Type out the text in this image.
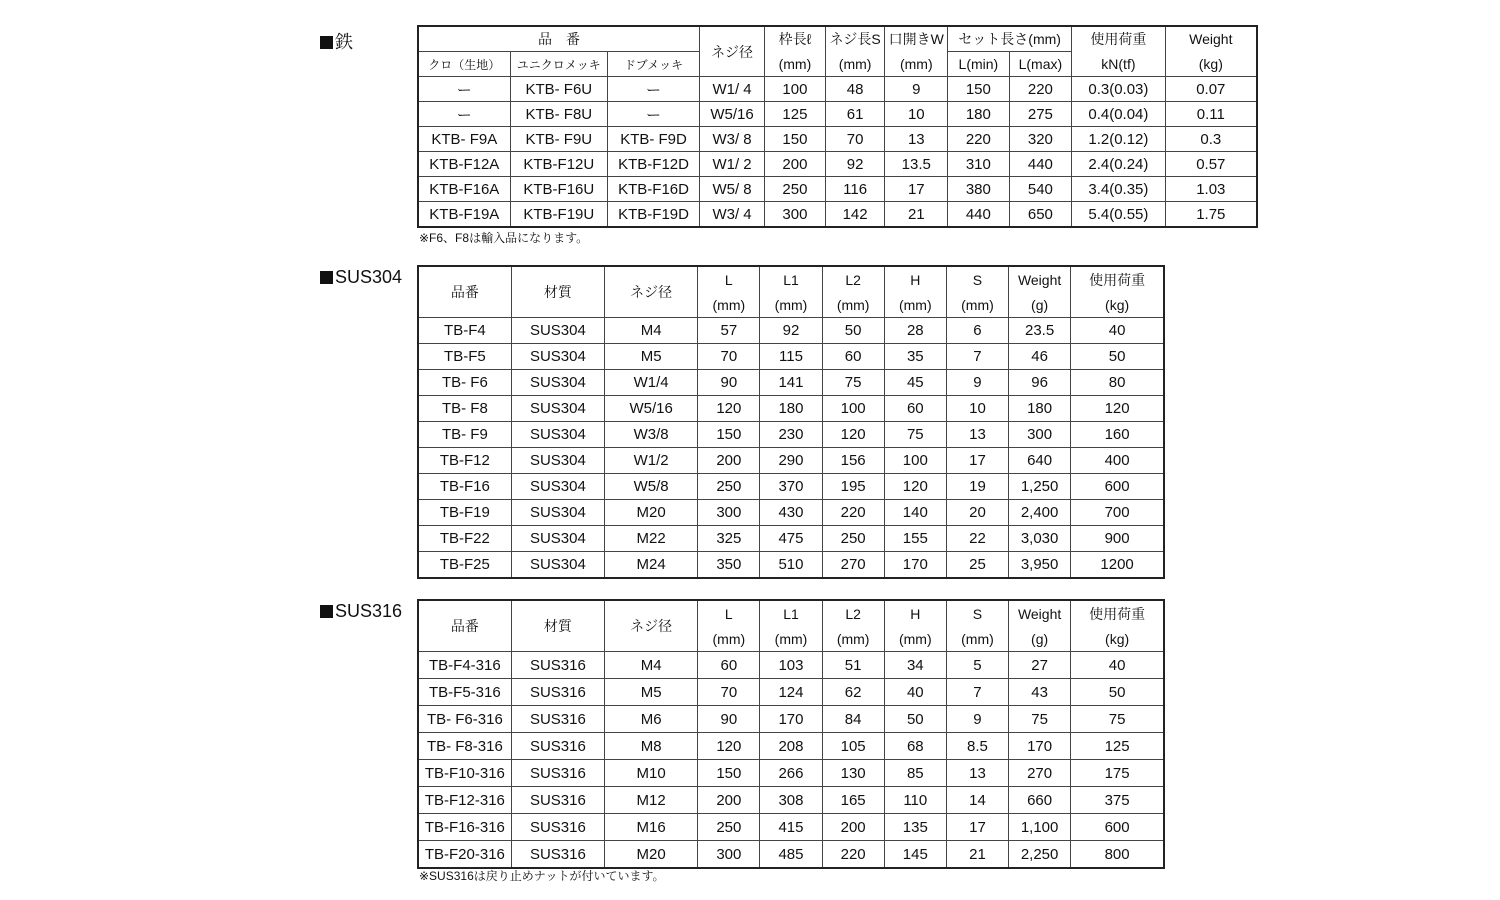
鉄	品　番			ネジ径	枠長ℓ	ネジ長S	口開きW	セット長さ(mm)		使用荷重	Weight
クロ（生地）	ユニクロメッキ	ドブメッキ		(mm)	(mm)	(mm)	L(min)	L(max)	kN(tf)	(kg)
ー	KTB- F6U	ー	W1/ 4	100	48	9	150	220	0.3(0.03)	0.07
ー	KTB- F8U	ー	W5/16	125	61	10	180	275	0.4(0.04)	0.11
KTB- F9A	KTB- F9U	KTB- F9D	W3/ 8	150	70	13	220	320	1.2(0.12)	0.3
KTB-F12A	KTB-F12U	KTB-F12D	W1/ 2	200	92	13.5	310	440	2.4(0.24)	0.57
KTB-F16A	KTB-F16U	KTB-F16D	W5/ 8	250	116	17	380	540	3.4(0.35)	1.03
KTB-F19A	KTB-F19U	KTB-F19D	W3/ 4	300	142	21	440	650	5.4(0.55)	1.75
※F6、F8は輸入品になります。
SUS304
品番	材質	ネジ径	L	L1	L2	H	S	Weight	使用荷重
			(mm)	(mm)	(mm)	(mm)	(mm)	(g)	(kg)
TB-F4	SUS304	M4	57	92	50	28	6	23.5	40
TB-F5	SUS304	M5	70	115	60	35	7	46	50
TB- F6	SUS304	W1/4	90	141	75	45	9	96	80
TB- F8	SUS304	W5/16	120	180	100	60	10	180	120
TB- F9	SUS304	W3/8	150	230	120	75	13	300	160
TB-F12	SUS304	W1/2	200	290	156	100	17	640	400
TB-F16	SUS304	W5/8	250	370	195	120	19	1,250	600
TB-F19	SUS304	M20	300	430	220	140	20	2,400	700
TB-F22	SUS304	M22	325	475	250	155	22	3,030	900
TB-F25	SUS304	M24	350	510	270	170	25	3,950	1200
SUS316
品番	材質	ネジ径	L	L1	L2	H	S	Weight	使用荷重
			(mm)	(mm)	(mm)	(mm)	(mm)	(g)	(kg)
TB-F4-316	SUS316	M4	60	103	51	34	5	27	40
TB-F5-316	SUS316	M5	70	124	62	40	7	43	50
TB- F6-316	SUS316	M6	90	170	84	50	9	75	75
TB- F8-316	SUS316	M8	120	208	105	68	8.5	170	125
TB-F10-316	SUS316	M10	150	266	130	85	13	270	175
TB-F12-316	SUS316	M12	200	308	165	110	14	660	375
TB-F16-316	SUS316	M16	250	415	200	135	17	1,100	600
TB-F20-316	SUS316	M20	300	485	220	145	21	2,250	800
※SUS316は戻り止めナットが付いています。
